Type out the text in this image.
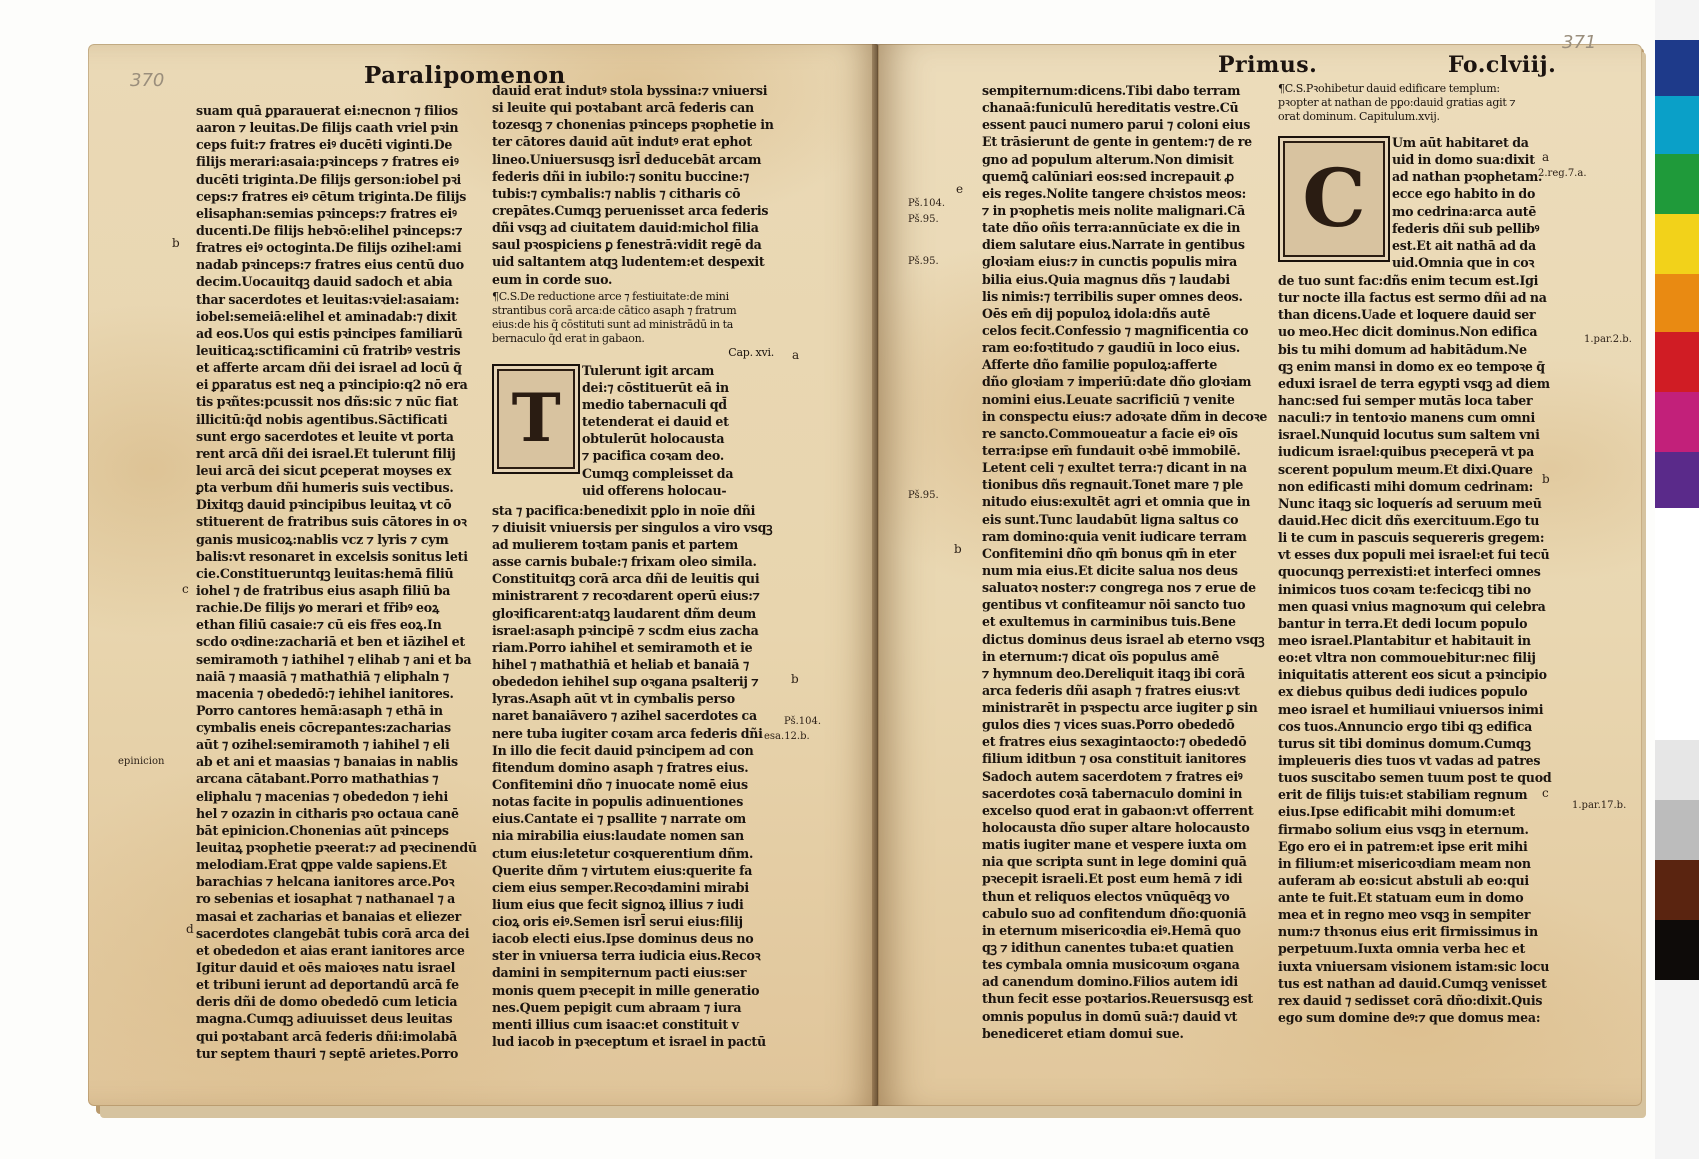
370	Paralipomenon
suam quā ꝑparauerat ei:necnon ⁊ filios
aaron ⁊ leuitas.De filijs caath vriel pꝛin
ceps fuit:⁊ fratres eiꝰ ducēti viginti.De
filijs merari:asaia:pꝛinceps ⁊ fratres eiꝰ
ducēti triginta.De filijs gerson:iobel pꝛi
ceps:⁊ fratres eiꝰ cētum triginta.De filijs
elisaphan:semias pꝛinceps:⁊ fratres eiꝰ
ducenti.De filijs hebꝛō:elihel pꝛinceps:⁊
fratres eiꝰ octoginta.De filijs ozihel:ami
nadab pꝛinceps:⁊ fratres eius centū duo
decim.Uocauitqꝫ dauid sadoch et abia
thar sacerdotes et leuitas:vꝛiel:asaiam:
iobel:semeiā:elihel et aminadab:⁊ dixit
ad eos.Uos qui estis pꝛincipes familiarū
leuiticaꝝ:sctificamini cū fratribꝰ vestris
et afferte arcam dñi dei israel ad locū q̄
ei ꝑparatus est neꝗ a pꝛincipio:q2 nō era
tis pꝛñtes:pcussit nos dñs:sic ⁊ nūc fiat
illicitū:q̄d nobis agentibus.Sāctificati
sunt ergo sacerdotes et leuite vt porta
rent arcā dñi dei israel.Et tulerunt filij
leui arcā dei sicut ꝑceperat moyses ex
ꝑta verbum dñi humeris suis vectibus.
Dixitqꝫ dauid pꝛincipibus leuitaꝝ vt cō
stituerent de fratribus suis cātores in oꝛ
ganis musicoꝝ:nablis vcz ⁊ lyris ⁊ cym
balis:vt resonaret in excelsis sonitus leti
cie.Constitueruntqꝫ leuitas:hemā filiū
iohel ⁊ de fratribus eius asaph filiū ba
rachie.De filijs ꝟo merari et fr̄ibꝰ eoꝝ
ethan filiū casaie:⁊ cū eis fr̄es eoꝝ.In
scdo oꝛdine:zachariā et ben et iāzihel et
semiramoth ⁊ iathihel ⁊ elihab ⁊ ani et ba
naiā ⁊ maasiā ⁊ mathathiā ⁊ eliphaln ⁊
macenia ⁊ obededō:⁊ iehihel ianitores.
Porro cantores hemā:asaph ⁊ ethā in
cymbalis eneis cōcrepantes:zacharias
aūt ⁊ ozihel:semiramoth ⁊ iahihel ⁊ eli
ab et ani et maasias ⁊ banaias in nablis
arcana cātabant.Porro mathathias ⁊
eliphalu ⁊ macenias ⁊ obededon ⁊ iehi
hel ⁊ ozazin in citharis pꝛo octaua canē
bāt epinicion.Chonenias aūt pꝛinceps
leuitaꝝ pꝛophetie pꝛeerat:⁊ ad pꝛecinendū
melodiam.Erat ꝗppe valde sapiens.Et
barachias ⁊ helcana ianitores arce.Poꝛ
ro sebenias et iosaphat ⁊ nathanael ⁊ a
masai et zacharias et banaias et eliezer
sacerdotes clangebāt tubis corā arca dei
et obededon et aias erant ianitores arce
Igitur dauid et oēs maioꝛes natu israel
et tribuni ierunt ad deportandū arcā fe
deris dñi de domo obededō cum leticia
magna.Cumqꝫ adiuuisset deus leuitas
qui poꝛtabant arcā federis dñi:imolabā
tur septem thauri ⁊ septē arietes.Porro
dauid erat indutꝰ stola byssina:⁊ vniuersi
si leuite qui poꝛtabant arcā federis can
tozesqꝫ ⁊ chonenias pꝛinceps pꝛophetie in
ter cātores dauid aūt indutꝰ erat ephot
lineo.Uniuersusqꝫ isrl̄ deducebāt arcam
federis dñi in iubilo:⁊ sonitu buccine:⁊
tubis:⁊ cymbalis:⁊ nablis ⁊ citharis cō
crepātes.Cumqꝫ peruenisset arca federis
dñi vsqꝫ ad ciuitatem dauid:michol filia
saul pꝛospiciens ꝑ fenestrā:vidit regē da
uid saltantem atqꝫ ludentem:et despexit
eum in corde suo.
¶C.S.De reductione arce ⁊ festiuitate:de mini
strantibus corā arca:de cātico asaph ⁊ fratrum
eius:de his q̄ cōstituti sunt ad ministrādū in ta
bernaculo q̄d erat in gabaon.
Cap. xvi.
T
Tulerunt igit arcam
dei:⁊ cōstituerūt eā in
medio tabernaculi qd̄
tetenderat ei dauid et
obtulerūt holocausta
⁊ pacifica coꝛam deo.
Cumqꝫ compleisset da
uid offerens holocau-
sta ⁊ pacifica:benedixit pꝑlo in noīe dñi
⁊ diuisit vniuersis per singulos a viro vsqꝫ
ad mulierem toꝛtam panis et partem
asse carnis bubale:⁊ frixam oleo simila.
Constituitqꝫ corā arca dñi de leuitis qui
ministrarent ⁊ recoꝛdarent operū eius:⁊
gloꝛificarent:atqꝫ laudarent dñm deum
israel:asaph pꝛincipē ⁊ scdm eius zacha
riam.Porro iahihel et semiramoth et ie
hihel ⁊ mathathiā et heliab et banaiā ⁊
obededon iehihel sup oꝛgana psalterij ⁊
lyras.Asaph aūt vt in cymbalis perso
naret banaiāvero ⁊ azihel sacerdotes ca
nere tuba iugiter coꝛam arca federis dñi
In illo die fecit dauid pꝛincipem ad con
fitendum domino asaph ⁊ fratres eius.
Confitemini dño ⁊ inuocate nomē eius
notas facite in populis adinuentiones
eius.Cantate ei ⁊ psallite ⁊ narrate om
nia mirabilia eius:laudate nomen san
ctum eius:letetur coꝛquerentium dñm.
Querite dñm ⁊ virtutem eius:querite fa
ciem eius semper.Recoꝛdamini mirabi
lium eius que fecit signoꝝ illius ⁊ iudi
cioꝝ oris eiꝰ.Semen isrl̄ serui eius:filij
iacob electi eius.Ipse dominus deus no
ster in vniuersa terra iudicia eius.Recoꝛ
damini in sempiternum pacti eius:ser
monis quem pꝛecepit in mille generatio
nes.Quem pepigit cum abraam ⁊ iura
menti illius cum isaac:et constituit v
lud iacob in pꝛeceptum et israel in pactū
b
c
epinicion
d
a
b
Pš.104.
esa.12.b.
Primus.	Fo.clviij.
371
sempiternum:dicens.Tibi dabo terram
chanaā:funiculū hereditatis vestre.Cū
essent pauci numero parui ⁊ coloni eius
Et trāsierunt de gente in gentem:⁊ de re
gno ad populum alterum.Non dimisit
quemꝗ̄ calūniari eos:sed increpauit ꝓ
eis reges.Nolite tangere chꝛistos meos:
⁊ in pꝛophetis meis nolite malignari.Cā
tate dño oñis terra:annūciate ex die in
diem salutare eius.Narrate in gentibus
gloꝛiam eius:⁊ in cunctis populis mira
bilia eius.Quia magnus dñs ⁊ laudabi
lis nimis:⁊ terribilis super omnes deos.
Oēs em̄ dij populoꝝ idola:dñs autē
celos fecit.Confessio ⁊ magnificentia co
ram eo:foꝛtitudo ⁊ gaudiū in loco eius.
Afferte dño familie populoꝝ:afferte
dño gloꝛiam ⁊ imperiū:date dño gloꝛiam
nomini eius.Leuate sacrificiū ⁊ venite
in conspectu eius:⁊ adoꝛate dñm in decoꝛe
re sancto.Commoueatur a facie eiꝰ oīs
terra:ipse em̄ fundauit oꝛbē immobilē.
Letent celi ⁊ exultet terra:⁊ dicant in na
tionibus dñs regnauit.Tonet mare ⁊ ple
nitudo eius:exultēt agri et omnia que in
eis sunt.Tunc laudabūt ligna saltus co
ram domino:quia venit iudicare terram
Confitemini dño qm̄ bonus qm̄ in eter
num mia eius.Et dicite salua nos deus
saluatoꝛ noster:⁊ congrega nos ⁊ erue de
gentibus vt confiteamur nōi sancto tuo
et exultemus in carminibus tuis.Bene
dictus dominus deus israel ab eterno vsqꝫ
in eternum:⁊ dicat oīs populus amē
⁊ hymnum deo.Dereliquit itaqꝫ ibi corā
arca federis dñi asaph ⁊ fratres eius:vt
ministrarēt in pꝛspectu arce iugiter ꝑ sin
gulos dies ⁊ vices suas.Porro obededō
et fratres eius sexagintaocto:⁊ obededō
filium iditbun ⁊ osa constituit ianitores
Sadoch autem sacerdotem ⁊ fratres eiꝰ
sacerdotes coꝛā tabernaculo domini in
excelso quod erat in gabaon:vt offerrent
holocausta dño super altare holocausto
matis iugiter mane et vespere iuxta om
nia que scripta sunt in lege domini quā
pꝛecepit israeli.Et post eum hemā ⁊ idi
thun et reliquos electos vnūquēqꝫ vo
cabulo suo ad confitendum dño:quoniā
in eternum misericoꝛdia eiꝰ.Hemā quo
qꝫ ⁊ idithun canentes tuba:et quatien
tes cymbala omnia musicoꝛum oꝛgana
ad canendum domino.Filios autem idi
thun fecit esse poꝛtarios.Reuersusqꝫ est
omnis populus in domū suā:⁊ dauid vt
benediceret etiam domui sue.
¶C.S.Pꝛohibetur dauid edificare templum:
pꝛopter at nathan de pꝑo:dauid gratias agit ⁊
orat dominum. Capitulum.xvij.
C
Um aūt habitaret da
uid in domo sua:dixit
ad nathan pꝛophetam.
ecce ego habito in do
mo cedrina:arca autē
federis dñi sub pellibꝰ
est.Et ait nathā ad da
uid.Omnia que in coꝛ
de tuo sunt fac:dñs enim tecum est.Igi
tur nocte illa factus est sermo dñi ad na
than dicens.Uade et loquere dauid ser
uo meo.Hec dicit dominus.Non edifica
bis tu mihi domum ad habitādum.Ne
qꝫ enim mansi in domo ex eo tempoꝛe q̄
eduxi israel de terra egypti vsqꝫ ad diem
hanc:sed fui semper mutās loca taber
naculi:⁊ in tentoꝛio manens cum omni
israel.Nunquid locutus sum saltem vni
iudicum israel:quibus pꝛeceperā vt pa
scerent populum meum.Et dixi.Quare
non edificasti mihi domum cedrinam:
Nunc itaqꝫ sic loquerís ad seruum meū
dauid.Hec dicit dñs exercituum.Ego tu
li te cum in pascuis sequereris gregem:
vt esses dux populi mei israel:et fui tecū
quocunqꝫ perrexisti:et interfeci omnes
inimicos tuos coꝛam te:fecicqꝫ tibi no
men quasi vnius magnoꝛum qui celebra
bantur in terra.Et dedi locum populo
meo israel.Plantabitur et habitauit in
eo:et vltra non commouebitur:nec filij
iniquitatis atterent eos sicut a pꝛincipio
ex diebus quibus dedi iudices populo
meo israel et humiliaui vniuersos inimi
cos tuos.Annuncio ergo tibi qꝫ edifica
turus sit tibi dominus domum.Cumqꝫ
impleueris dies tuos vt vadas ad patres
tuos suscitabo semen tuum post te quod
erit de filijs tuis:et stabiliam regnum
eius.Ipse edificabit mihi domum:et
firmabo solium eius vsqꝫ in eternum.
Ego ero ei in patrem:et ipse erit mihi
in filium:et misericoꝛdiam meam non
auferam ab eo:sicut abstuli ab eo:qui
ante te fuit.Et statuam eum in domo
mea et in regno meo vsqꝫ in sempiter
num:⁊ thꝛonus eius erit firmissimus in
perpetuum.Iuxta omnia verba hec et
iuxta vniuersam visionem istam:sic locu
tus est nathan ad dauid.Cumqꝫ venisset
rex dauid ⁊ sedisset corā dño:dixit.Quis
ego sum domine deꝰ:⁊ que domus mea:
e
Pš.104.
Pš.95.
Pš.95.
Pš.95.
b
a
2.reg.7.a.
1.par.2.b.
b
c
1.par.17.b.
